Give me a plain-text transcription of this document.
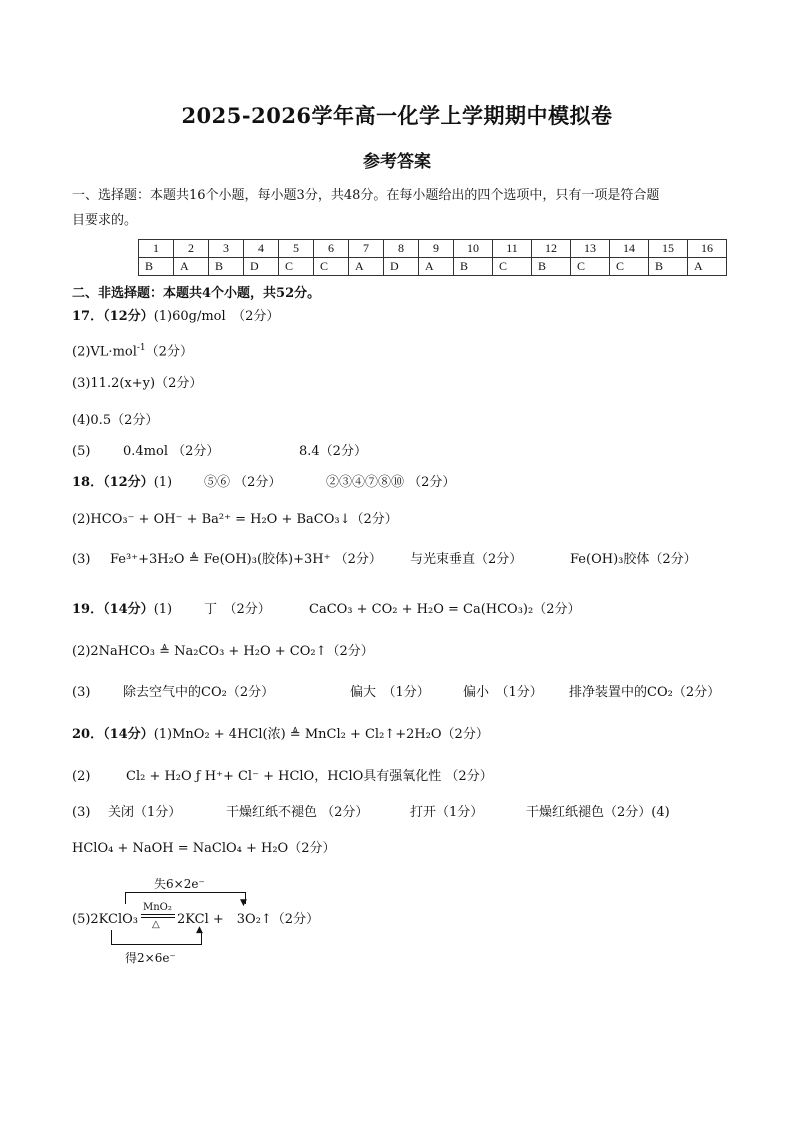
2025-2026学年高一化学上学期期中模拟卷
参考答案
一、选择题：本题共16个小题，每小题3分，共48分。在每小题给出的四个选项中，只有一项是符合题
目要求的。
1	2	3	4	5	6	7	8	9	10	11	12	13	14	15	16
B	A	B	D	C	C	A	D	A	B	C	B	C	C	B	A
二、非选择题：本题共4个小题，共52分。
17．（12分）(1)60g/mol　（2分）
(2)VL·mol$^{-1}$（2分）
(3)11.2(x+y)（2分）
(4)0.5（2分）
(5)	0.4mol （2分）	8.4（2分）
18．（12分）(1) ⑤⑥ （2分）	②③④⑦⑧⑩ （2分）
(2)HCO₃⁻ + OH⁻ + Ba²⁺ = H₂O + BaCO₃↓（2分）
(3) Fe³⁺+3H₂O ≜ Fe(OH)₃(胶体)+3H⁺ （2分） 与光束垂直（2分）	Fe(OH)₃胶体（2分）
19．（14分）(1) 丁　（2分）	CaCO₃ + CO₂ + H₂O = Ca(HCO₃)₂（2分）
(2)2NaHCO₃ ≜ Na₂CO₃ + H₂O + CO₂↑（2分）
(3)	除去空气中的CO₂（2分）	偏大　（1分）	偏小　（1分） 排净装置中的CO₂（2分）
20．（14分）(1)MnO₂ + 4HCl(浓) ≜ MnCl₂ + Cl₂↑+2H₂O（2分）
(2)	Cl₂ + H₂O ƒ H⁺+ Cl⁻ + HClO，HClO具有强氧化性 （2分）
(3) 关闭（1分）	干燥红纸不褪色 （2分）	打开（1分）	干燥红纸褪色（2分）(4)
HClO₄ + NaOH = NaClO₄ + H₂O（2分）
失6×2e⁻
▼
(5)2KClO₃
MnO₂
△ 2KCl +　3O₂↑（2分）
▲
得2×6e⁻
